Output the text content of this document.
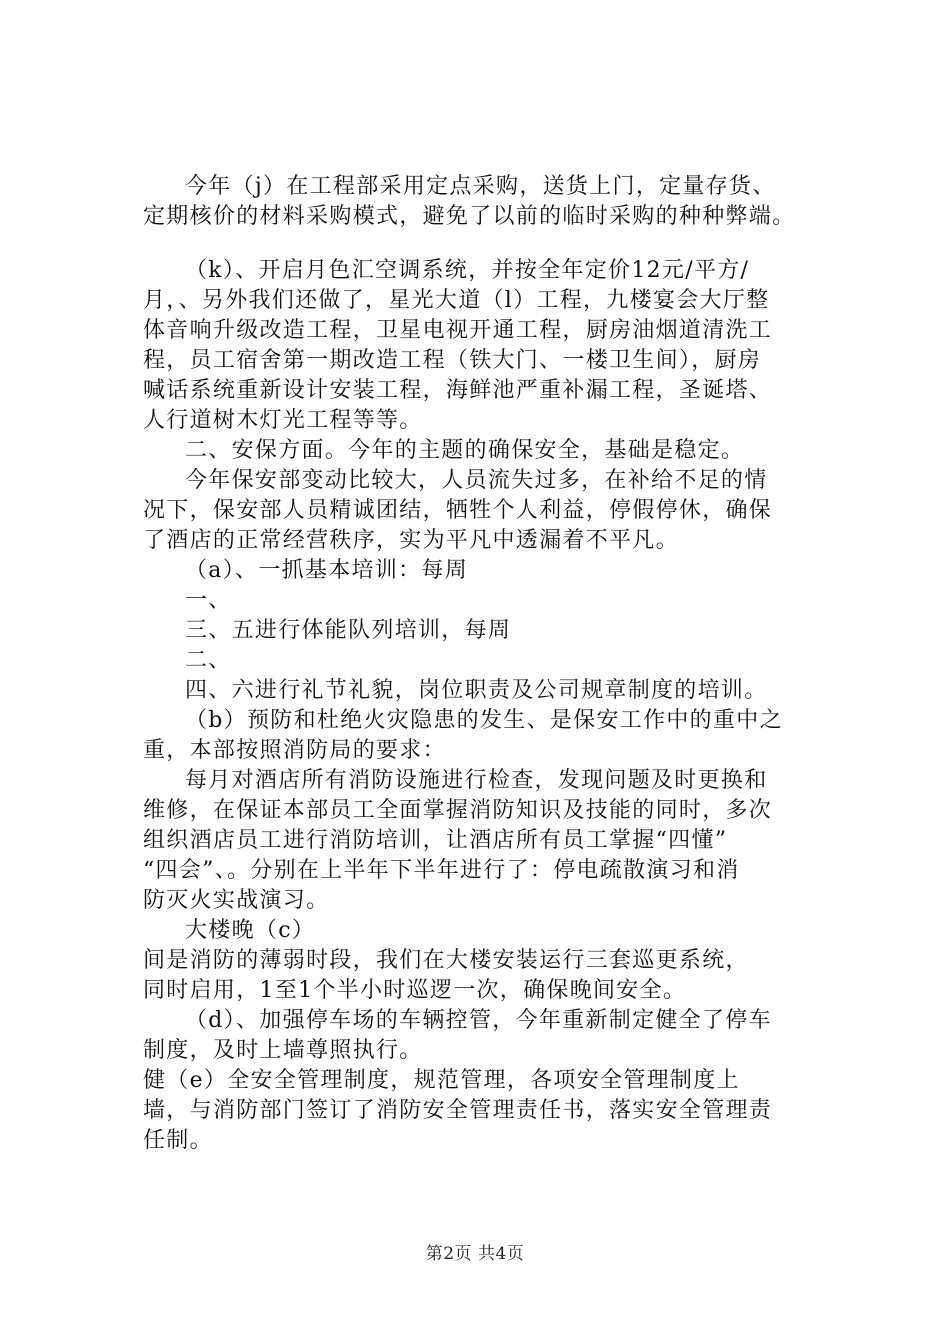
今年（j）在工程部采用定点采购，送货上门，定量存货、
定期核价的材料采购模式，避免了以前的临时采购的种种弊端。
（k）、开启月色汇空调系统，并按全年定价12元/平方/
月，、另外我们还做了，星光大道（l）工程，九楼宴会大厅整
体音响升级改造工程，卫星电视开通工程，厨房油烟道清洗工
程，员工宿舍第一期改造工程（铁大门、一楼卫生间），厨房
喊话系统重新设计安装工程，海鲜池严重补漏工程，圣诞塔、
人行道树木灯光工程等等。
二、安保方面。今年的主题的确保安全，基础是稳定。
今年保安部变动比较大，人员流失过多，在补给不足的情
况下，保安部人员精诚团结，牺牲个人利益，停假停休，确保
了酒店的正常经营秩序，实为平凡中透漏着不平凡。
（a）、一抓基本培训：每周
一、
三、五进行体能队列培训，每周
二、
四、六进行礼节礼貌，岗位职责及公司规章制度的培训。
（b）预防和杜绝火灾隐患的发生、是保安工作中的重中之
重，本部按照消防局的要求：
每月对酒店所有消防设施进行检查，发现问题及时更换和
维修，在保证本部员工全面掌握消防知识及技能的同时，多次
组织酒店员工进行消防培训，让酒店所有员工掌握“四懂”
“四会”、。分别在上半年下半年进行了：停电疏散演习和消
防灭火实战演习。
大楼晚（c）
间是消防的薄弱时段，我们在大楼安装运行三套巡更系统，
同时启用，1至1个半小时巡逻一次，确保晚间安全。
（d）、加强停车场的车辆控管，今年重新制定健全了停车
制度，及时上墙尊照执行。
健（e）全安全管理制度，规范管理，各项安全管理制度上
墙，与消防部门签订了消防安全管理责任书，落实安全管理责
任制。
第2页 共4页
